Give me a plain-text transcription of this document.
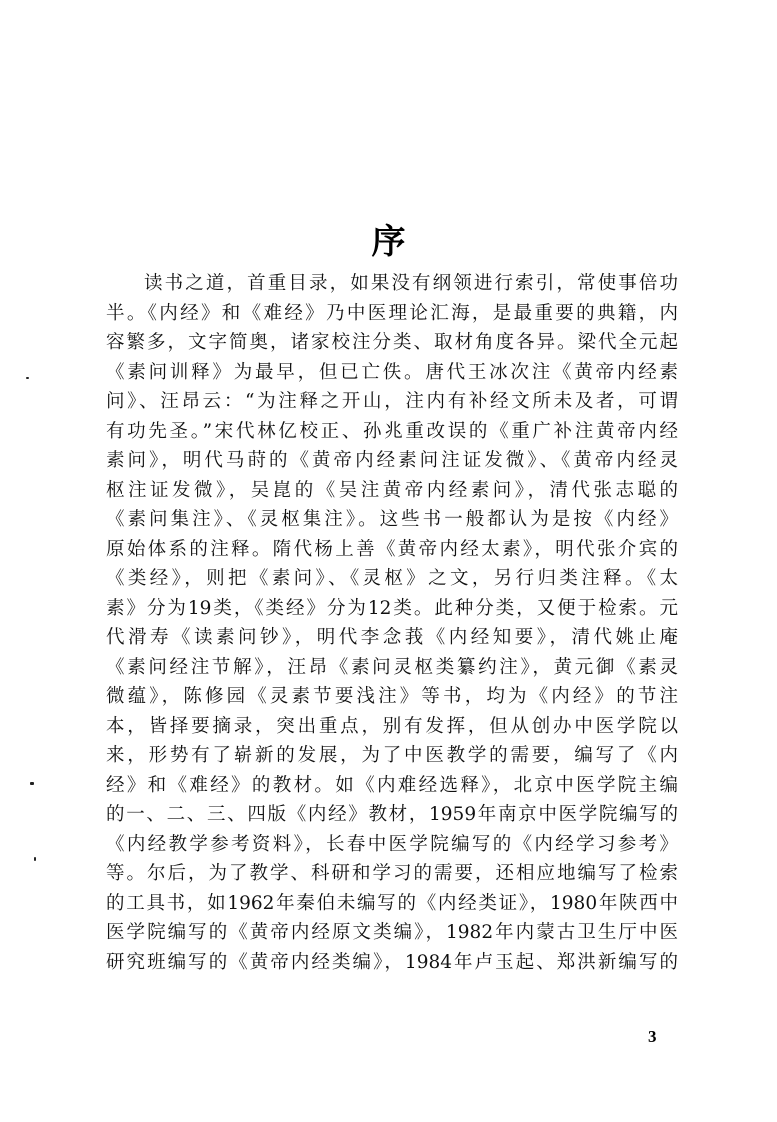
序
读书之道，首重目录，如果没有纲领进行索引，常使事倍功
半。《内经》和《难经》乃中医理论汇海，是最重要的典籍，内
容繁多，文字简奥，诸家校注分类、取材角度各异。梁代全元起
《素问训释》为最早，但已亡佚。唐代王冰次注《黄帝内经素
问》、汪昂云：“为注释之开山，注内有补经文所未及者，可谓
有功先圣。”宋代林亿校正、孙兆重改误的《重广补注黄帝内经
素问》，明代马莳的《黄帝内经素问注证发微》、《黄帝内经灵
枢注证发微》，吴崑的《吴注黄帝内经素问》，清代张志聪的
《素问集注》、《灵枢集注》。这些书一般都认为是按《内经》
原始体系的注释。隋代杨上善《黄帝内经太素》，明代张介宾的
《类经》，则把《素问》、《灵枢》之文，另行归类注释。《太
素》分为19类，《类经》分为12类。此种分类，又便于检索。元
代滑寿《读素问钞》，明代李念莪《内经知要》，清代姚止庵
《素问经注节解》，汪昂《素问灵枢类纂约注》，黄元御《素灵
微蕴》，陈修园《灵素节要浅注》等书，均为《内经》的节注
本，皆择要摘录，突出重点，别有发挥，但从创办中医学院以
来，形势有了崭新的发展，为了中医教学的需要，编写了《内
经》和《难经》的教材。如《内难经选释》，北京中医学院主编
的一、二、三、四版《内经》教材，1959年南京中医学院编写的
《内经教学参考资料》，长春中医学院编写的《内经学习参考》
等。尔后，为了教学、科研和学习的需要，还相应地编写了检索
的工具书，如1962年秦伯未编写的《内经类证》，1980年陕西中
医学院编写的《黄帝内经原文类编》，1982年内蒙古卫生厅中医
研究班编写的《黄帝内经类编》，1984年卢玉起、郑洪新编写的
3
